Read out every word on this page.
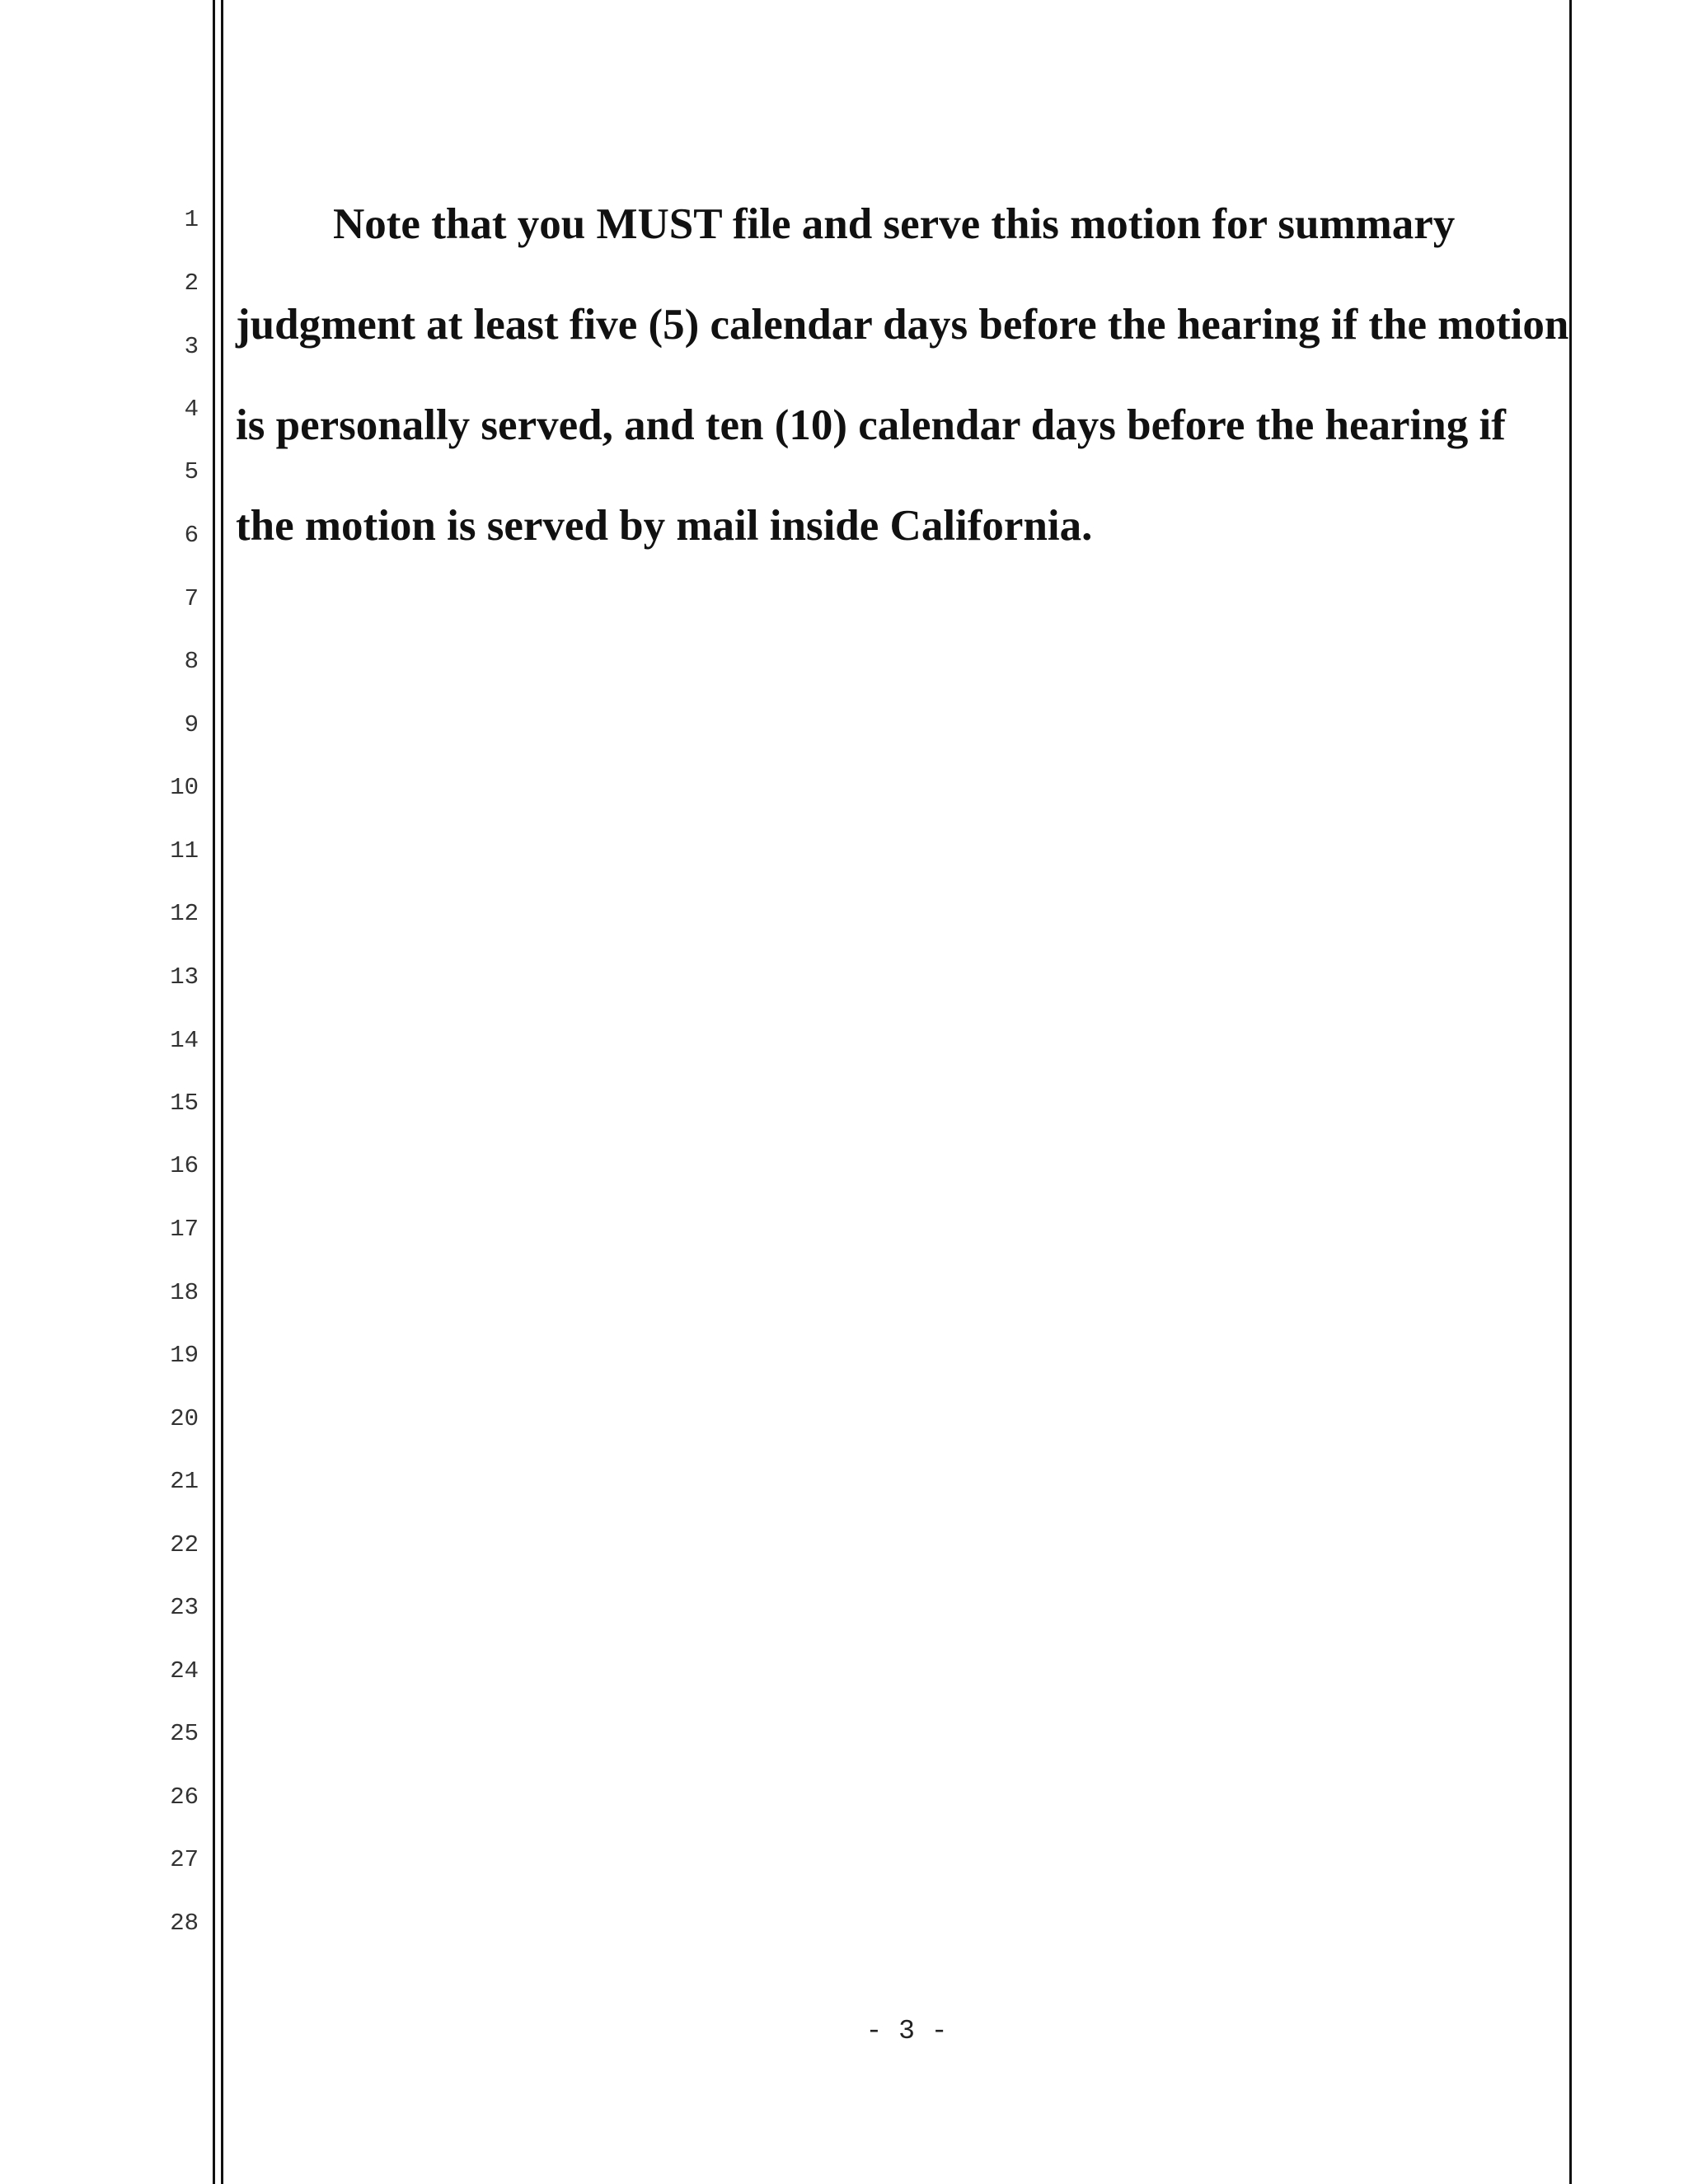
1
2
3
4
5
6
7
8
9
10
11
12
13
14
15
16
17
18
19
20
21
22
23
24
25
26
27
28
Note that you MUST file and serve this motion for summary
judgment at least five (5) calendar days before the hearing if the motion
is personally served, and ten (10) calendar days before the hearing if
the motion is served by mail inside California.
- 3 -
